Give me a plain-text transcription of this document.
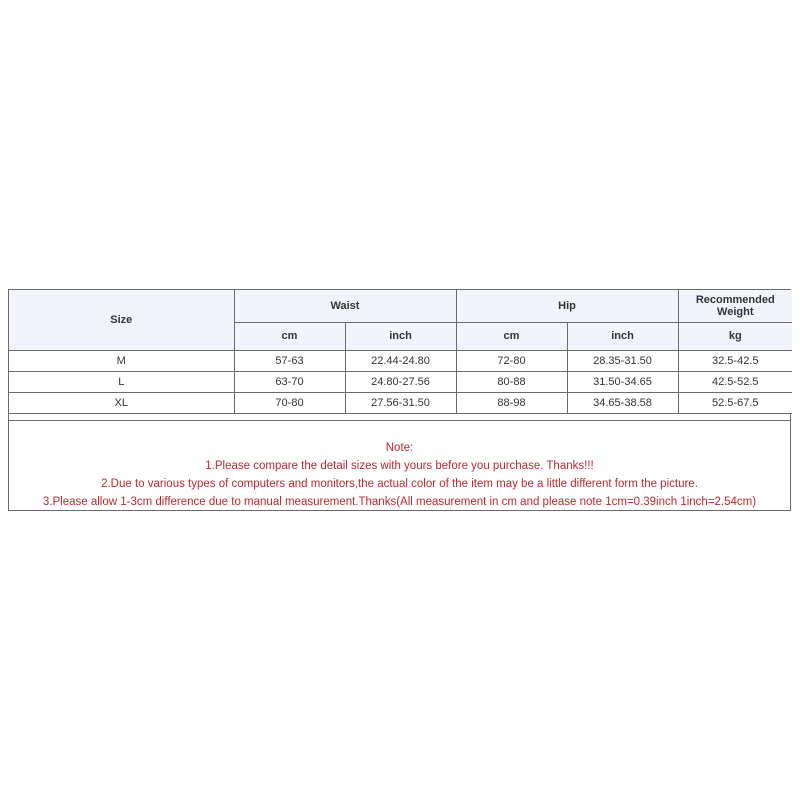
Size	Waist		Hip		Recommended Weight
	cm	inch	cm	inch	kg
M	57-63	22.44-24.80	72-80	28.35-31.50	32.5-42.5
L	63-70	24.80-27.56	80-88	31.50-34.65	42.5-52.5
XL	70-80	27.56-31.50	88-98	34.65-38.58	52.5-67.5
Note:
1.Please compare the detail sizes with yours before you purchase. Thanks!!!
2.Due to various types of computers and monitors,the actual color of the item may be a little different form the picture.
3.Please allow 1-3cm difference due to manual measurement.Thanks(All measurement in cm and please note 1cm=0.39inch 1inch=2.54cm)
